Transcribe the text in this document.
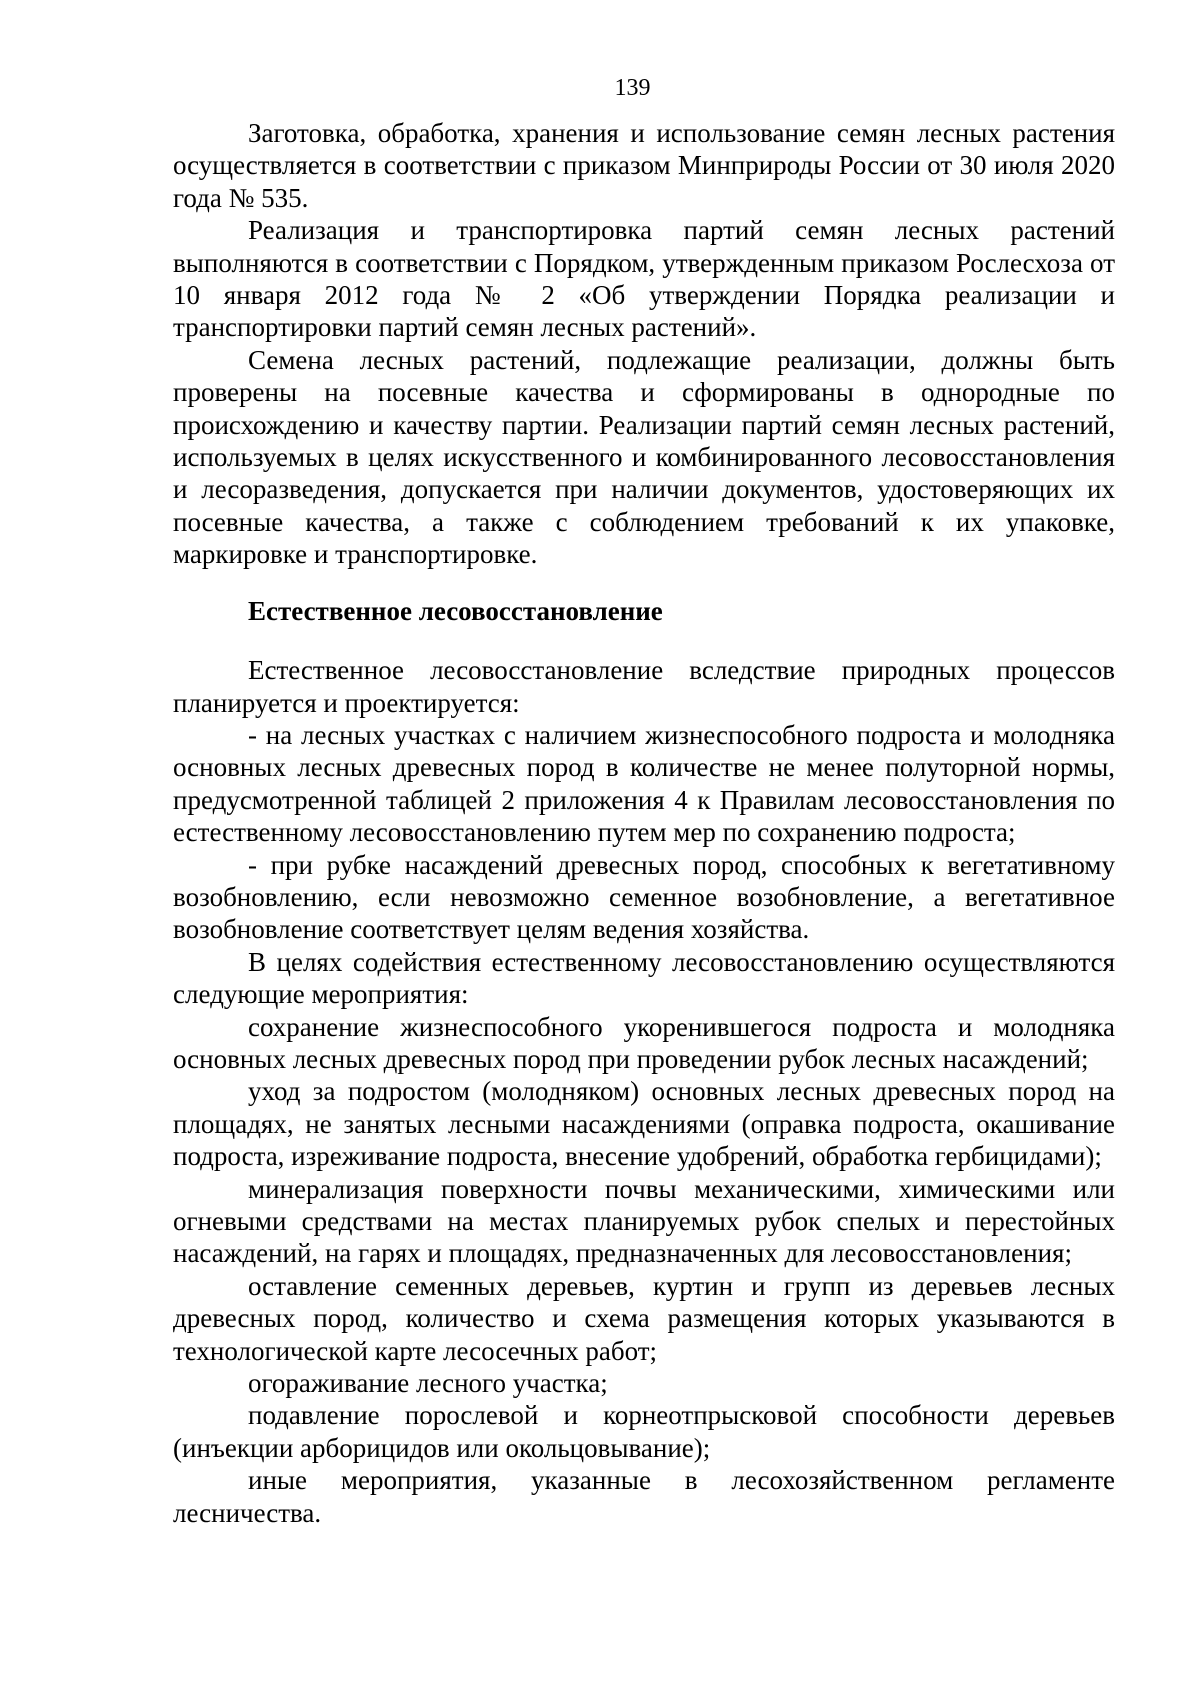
139

Заготовка, обработка, хранения и использование семян лесных растения осуществляется в соответствии с приказом Минприроды России от 30 июля 2020 года № 535.

Реализация и транспортировка партий семян лесных растений выполняются в соответствии с Порядком, утвержденным приказом Рослесхоза от 10 января 2012 года № 2 «Об утверждении Порядка реализации и транспортировки партий семян лесных растений».

Семена лесных растений, подлежащие реализации, должны быть проверены на посевные качества и сформированы в однородные по происхождению и качеству партии. Реализации партий семян лесных растений, используемых в целях искусственного и комбинированного лесовосстановления и лесоразведения, допускается при наличии документов, удостоверяющих их посевные качества, а также с соблюдением требований к их упаковке, маркировке и транспортировке.

Естественное лесовосстановление

Естественное лесовосстановление вследствие природных процессов планируется и проектируется:

- на лесных участках с наличием жизнеспособного подроста и молодняка основных лесных древесных пород в количестве не менее полуторной нормы, предусмотренной таблицей 2 приложения 4 к Правилам лесовосстановления по естественному лесовосстановлению путем мер по сохранению подроста;

- при рубке насаждений древесных пород, способных к вегетативному возобновлению, если невозможно семенное возобновление, а вегетативное возобновление соответствует целям ведения хозяйства.

В целях содействия естественному лесовосстановлению осуществляются следующие мероприятия:

сохранение жизнеспособного укоренившегося подроста и молодняка основных лесных древесных пород при проведении рубок лесных насаждений;

уход за подростом (молодняком) основных лесных древесных пород на площадях, не занятых лесными насаждениями (оправка подроста, окашивание подроста, изреживание подроста, внесение удобрений, обработка гербицидами);

минерализация поверхности почвы механическими, химическими или огневыми средствами на местах планируемых рубок спелых и перестойных насаждений, на гарях и площадях, предназначенных для лесовосстановления;

оставление семенных деревьев, куртин и групп из деревьев лесных древесных пород, количество и схема размещения которых указываются в технологической карте лесосечных работ;

огораживание лесного участка;

подавление порослевой и корнеотпрысковой способности деревьев (инъекции арборицидов или окольцовывание);

иные мероприятия, указанные в лесохозяйственном регламенте лесничества.
